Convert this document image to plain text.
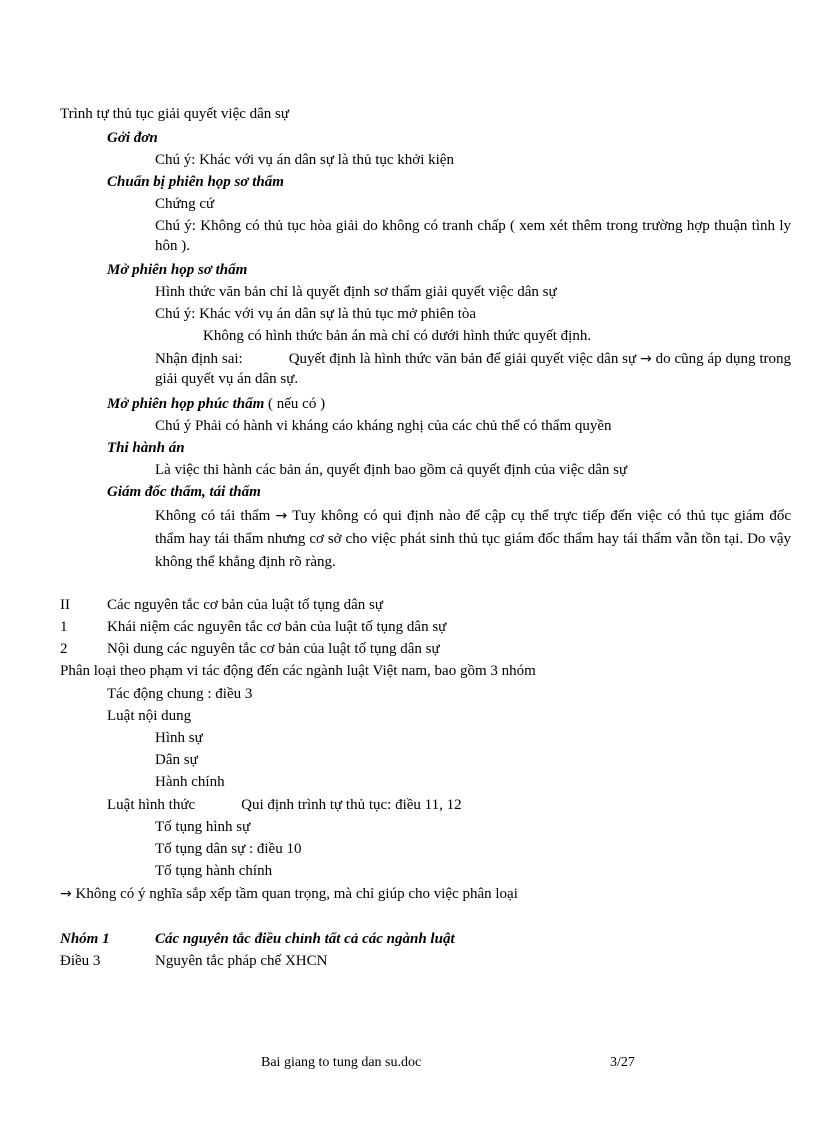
Trình tự thủ tục giải quyết việc dân sự
Gởi đơn
Chú ý: Khác với vụ án dân sự là thủ tục khởi kiện
Chuẩn bị phiên họp sơ thẩm
Chứng cứ
Chú ý: Không có thủ tục hòa giải do không có tranh chấp ( xem xét thêm trong trường hợp thuận tình ly hôn ).
Mở phiên họp sơ thẩm
Hình thức văn bản chỉ là quyết định sơ thẩm giải quyết việc dân sự
Chú ý: Khác với vụ án dân sự là thủ tục mở phiên tòa
Không có hình thức bản án mà chỉ có dưới hình thức quyết định.
Nhận định sai:	Quyết định là hình thức văn bản để giải quyết việc dân sự → do cũng áp dụng trong giải quyết vụ án dân sự.
Mở phiên họp phúc thẩm ( nếu có )
Chú ý Phải có hành vi kháng cáo kháng nghị của các chủ thể có thẩm quyền
Thi hành án
Là việc thi hành các bản án, quyết định bao gồm cả quyết định của việc dân sự
Giám đốc thẩm, tái thẩm
Không có tái thẩm → Tuy không có qui định nào để cập cụ thể trực tiếp đến việc có thủ tục giám đốc thẩm hay tái thẩm nhưng cơ sở cho việc phát sinh thủ tục giám đốc thẩm hay tái thẩm vẫn tồn tại. Do vậy không thể khẳng định rõ ràng.
II Các nguyên tắc cơ bản của luật tố tụng dân sự
1	Khái niệm các nguyên tắc cơ bản của luật tố tụng dân sự
2	Nội dung các nguyên tắc cơ bản của luật tố tụng dân sự
Phân loại theo phạm vi tác động đến các ngành luật Việt nam, bao gồm 3 nhóm
Tác động chung : điều 3
Luật nội dung
Hình sự
Dân sự
Hành chính
Luật hình thức	Qui định trình tự thủ tục: điều 11, 12
Tố tụng hình sự
Tố tụng dân sự : điều 10
Tố tụng hành chính
→ Không có ý nghĩa sắp xếp tầm quan trọng, mà chỉ giúp cho việc phân loại
Nhóm 1	Các nguyên tắc điều chỉnh tất cả các ngành luật
Điều 3	Nguyên tắc pháp chế XHCN
Bai giang to tung dan su.doc	3/27
